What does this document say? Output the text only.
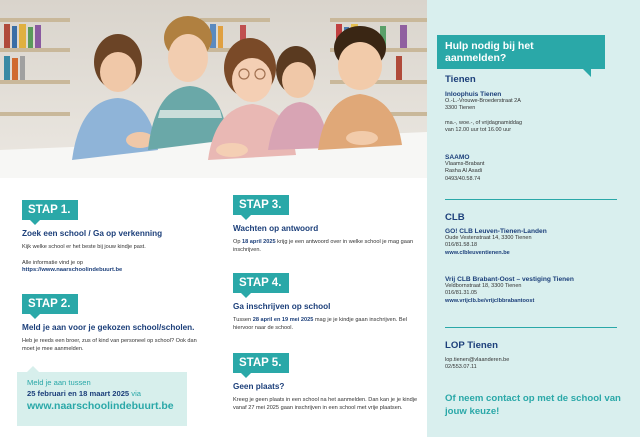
STAP 1.
Zoek een school / Ga op verkenning
Kijk welke school er het beste bij jouw kindje past.
Alle informatie vind je op
https://www.naarschoolindebuurt.be
STAP 2.
Meld je aan voor je gekozen school/scholen.
Heb je reeds een broer, zus of kind van personeel op school? Ook dan moet je mee aanmelden.
Meld je aan tussen
25 februari en 18 maart 2025 via
www.naarschoolindebuurt.be
STAP 3.
Wachten op antwoord
Op 18 april 2025 krijg je een antwoord over in welke school je mag gaan inschrijven.
STAP 4.
Ga inschrijven op school
Tussen 28 april en 19 mei 2025 mag je je kindje gaan inschrijven. Bel hiervoor naar de school.
STAP 5.
Geen plaats?
Kreeg je geen plaats in een school na het aanmelden. Dan kan je je kindje vanaf 27 mei 2025 gaan inschrijven in een school met vrije plaatsen.
Hulp nodig bij het aanmelden?
Tienen
Inloophuis Tienen
O.-L.-Vrouwe-Broederstraat 2A
3300 Tienen
ma.-, woe.-, of vrijdagnamiddag
van 12.00 uur tot 16.00 uur
SAAMO
Vlaams-Brabant
Rasha Al Asadi
0493/40.58.74
CLB
GO! CLB Leuven-Tienen-Landen
Oude Vestenstraat 14, 3300 Tienen
016/81.58.18
www.clbleuventienen.be
Vrij CLB Brabant-Oost – vestiging Tienen
Veldbornstraat 18, 3300 Tienen
016/81.31.05
www.vrijclb.be/vrijclbbrabantoost
LOP Tienen
lop.tienen@vlaanderen.be
02/553.07.11
Of neem contact op met de school van jouw keuze!
